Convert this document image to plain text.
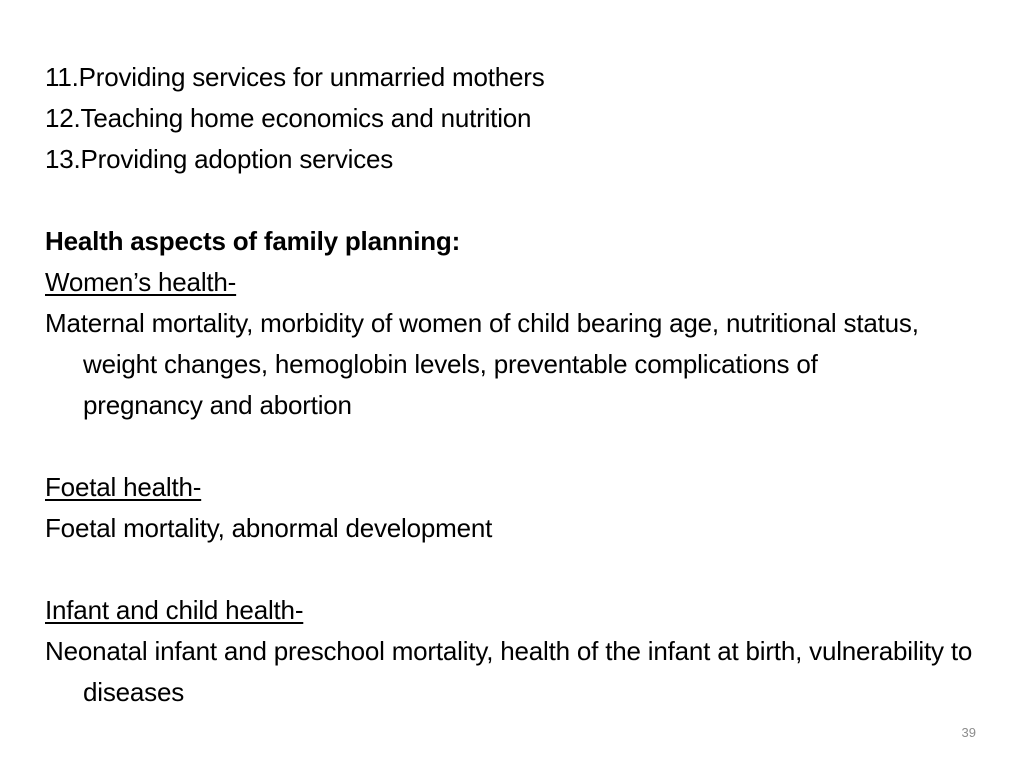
11.Providing services for unmarried mothers
12.Teaching home economics and nutrition
13.Providing adoption services
Health aspects of family planning:
Women’s health-
Maternal mortality, morbidity of women of child bearing age, nutritional status, weight changes, hemoglobin levels, preventable complications of pregnancy and abortion
Foetal health-
Foetal mortality, abnormal development
Infant and child health-
Neonatal infant and preschool mortality, health of the infant at birth, vulnerability to diseases
39
